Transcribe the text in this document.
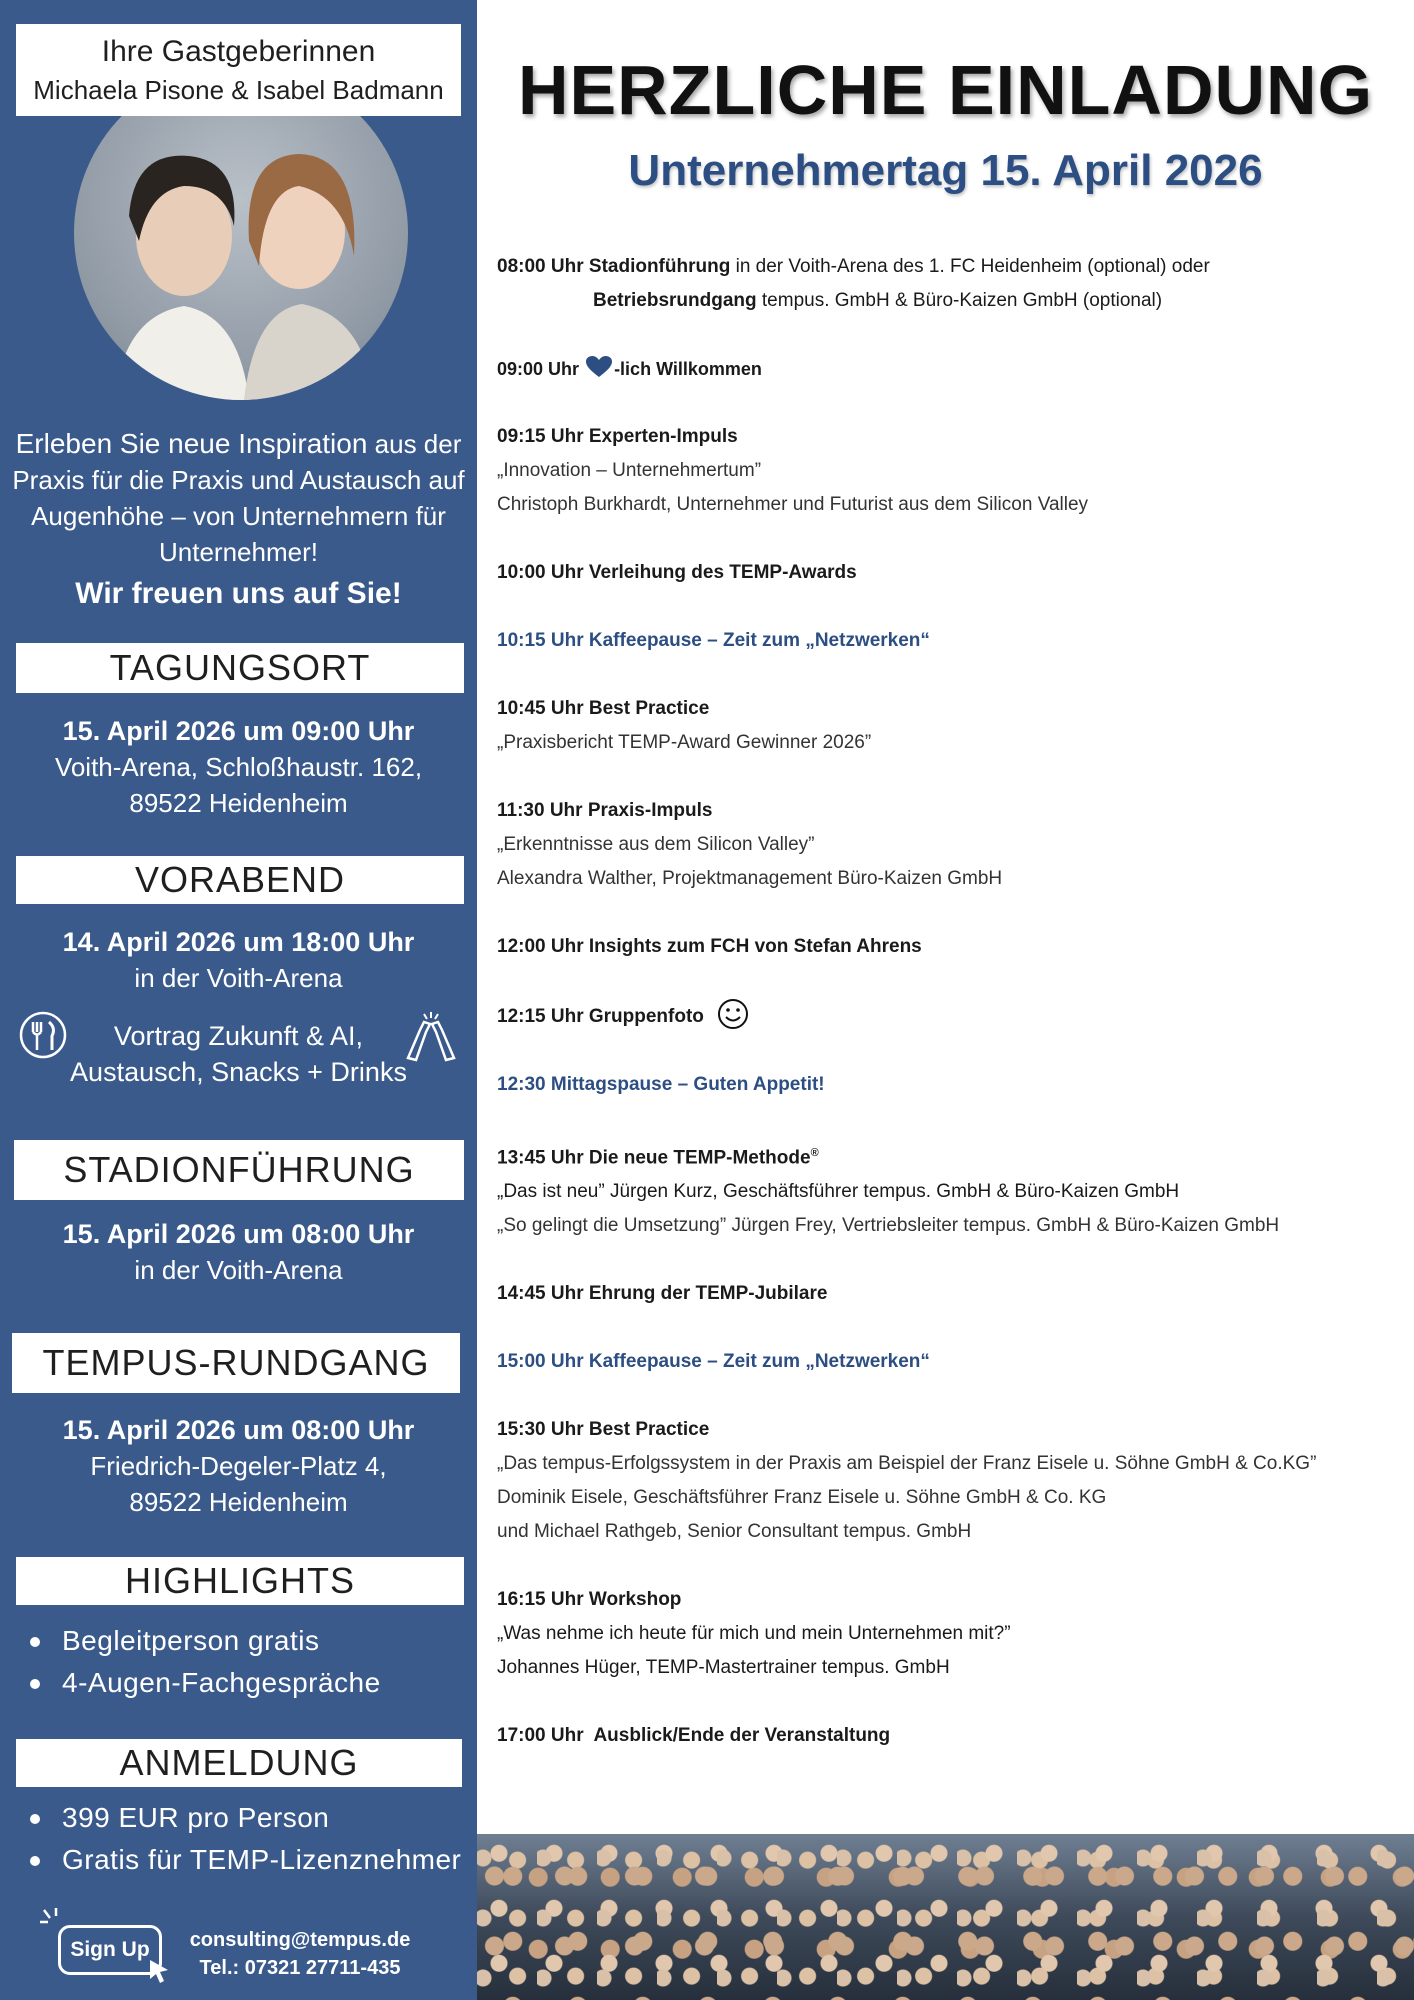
Ihre Gastgeberinnen
Michaela Pisone & Isabel Badmann
Erleben Sie neue Inspiration aus der Praxis für die Praxis und Austausch auf Augenhöhe – von Unternehmern für Unternehmer!
Wir freuen uns auf Sie!
TAGUNGSORT
15. April 2026 um 09:00 Uhr
Voith-Arena, Schloßhaustr. 162,
89522 Heidenheim
VORABEND
14. April 2026 um 18:00 Uhr
in der Voith-Arena
Vortrag Zukunft & AI,
Austausch, Snacks + Drinks
STADIONFÜHRUNG
15. April 2026 um 08:00 Uhr
in der Voith-Arena
TEMPUS-RUNDGANG
15. April 2026 um 08:00 Uhr
Friedrich-Degeler-Platz 4,
89522 Heidenheim
HIGHLIGHTS
Begleitperson gratis
4-Augen-Fachgespräche
ANMELDUNG
399 EUR pro Person
Gratis für TEMP-Lizenznehmer
Sign Up	consulting@tempus.de
Tel.: 07321 27711-435
HERZLICHE EINLADUNG
Unternehmertag 15. April 2026
08:00 Uhr Stadionführung in der Voith-Arena des 1. FC Heidenheim (optional) oder
Betriebsrundgang tempus. GmbH & Büro-Kaizen GmbH (optional)
09:00 Uhr -lich Willkommen
09:15 Uhr Experten-Impuls
„Innovation – Unternehmertum”
Christoph Burkhardt, Unternehmer und Futurist aus dem Silicon Valley
10:00 Uhr Verleihung des TEMP-Awards
10:15 Uhr Kaffeepause – Zeit zum „Netzwerken“
10:45 Uhr Best Practice
„Praxisbericht TEMP-Award Gewinner 2026”
11:30 Uhr Praxis-Impuls
„Erkenntnisse aus dem Silicon Valley”
Alexandra Walther, Projektmanagement Büro-Kaizen GmbH
12:00 Uhr Insights zum FCH von Stefan Ahrens
12:15 Uhr Gruppenfoto
12:30 Mittagspause – Guten Appetit!
13:45 Uhr Die neue TEMP-Methode®
„Das ist neu” Jürgen Kurz, Geschäftsführer tempus. GmbH & Büro-Kaizen GmbH
„So gelingt die Umsetzung” Jürgen Frey, Vertriebsleiter tempus. GmbH & Büro-Kaizen GmbH
14:45 Uhr Ehrung der TEMP-Jubilare
15:00 Uhr Kaffeepause – Zeit zum „Netzwerken“
15:30 Uhr Best Practice
„Das tempus-Erfolgssystem in der Praxis am Beispiel der Franz Eisele u. Söhne GmbH & Co.KG”
Dominik Eisele, Geschäftsführer Franz Eisele u. Söhne GmbH & Co. KG
und Michael Rathgeb, Senior Consultant tempus. GmbH
16:15 Uhr Workshop
„Was nehme ich heute für mich und mein Unternehmen mit?”
Johannes Hüger, TEMP-Mastertrainer tempus. GmbH
17:00 Uhr  Ausblick/Ende der Veranstaltung
